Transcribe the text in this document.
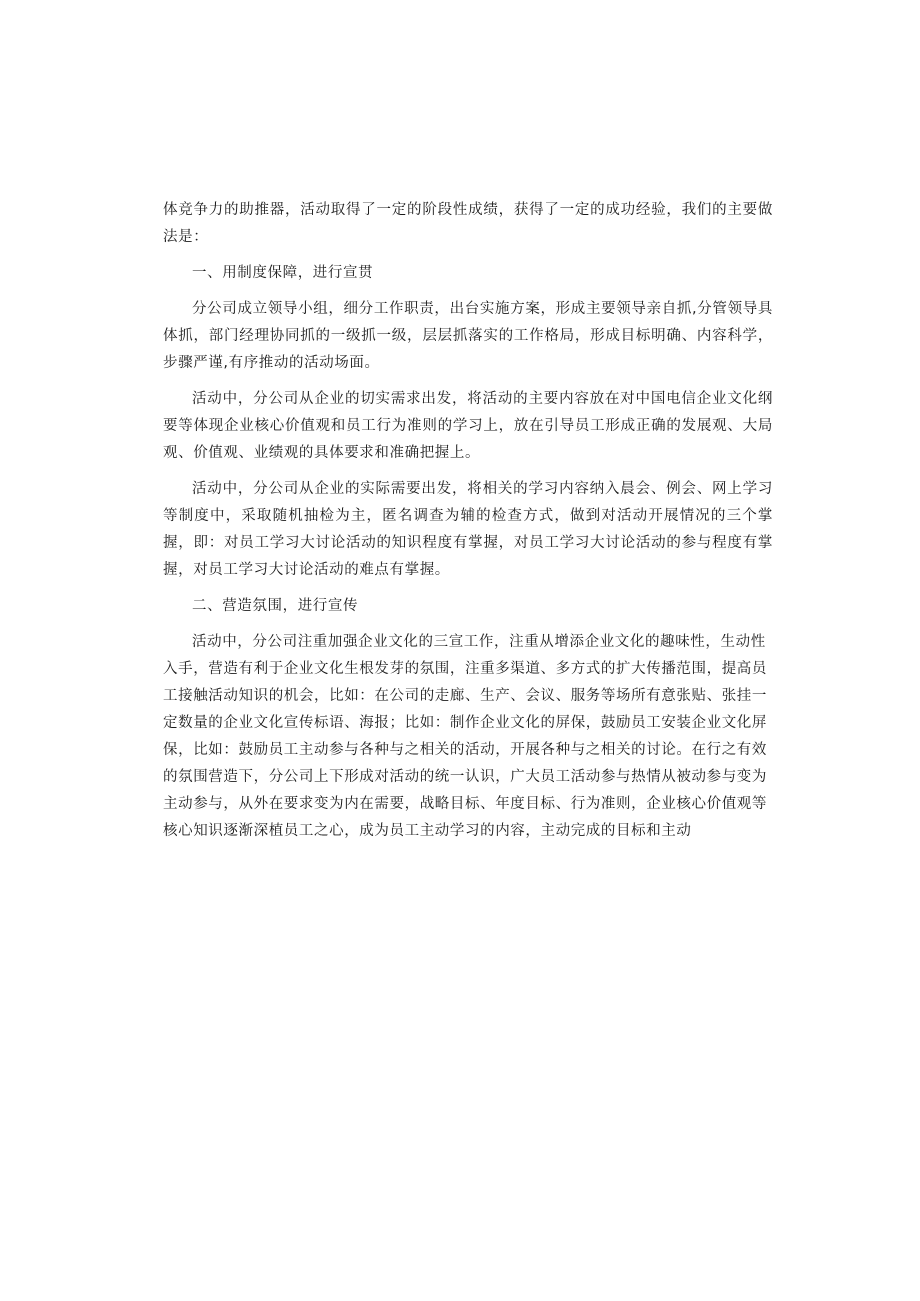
体竞争力的助推器，活动取得了一定的阶段性成绩，获得了一定的成功经验，我们的主要做法是：

一、用制度保障，进行宣贯

分公司成立领导小组，细分工作职责，出台实施方案，形成主要领导亲自抓,分管领导具体抓，部门经理协同抓的一级抓一级，层层抓落实的工作格局，形成目标明确、内容科学，步骤严谨,有序推动的活动场面。

活动中，分公司从企业的切实需求出发，将活动的主要内容放在对中国电信企业文化纲要等体现企业核心价值观和员工行为准则的学习上，放在引导员工形成正确的发展观、大局观、价值观、业绩观的具体要求和准确把握上。

活动中，分公司从企业的实际需要出发，将相关的学习内容纳入晨会、例会、网上学习等制度中，采取随机抽检为主，匿名调查为辅的检查方式，做到对活动开展情况的三个掌握，即：对员工学习大讨论活动的知识程度有掌握，对员工学习大讨论活动的参与程度有掌握，对员工学习大讨论活动的难点有掌握。

二、营造氛围，进行宣传

活动中，分公司注重加强企业文化的三宣工作，注重从增添企业文化的趣味性，生动性入手，营造有利于企业文化生根发芽的氛围，注重多渠道、多方式的扩大传播范围，提高员工接触活动知识的机会，比如：在公司的走廊、生产、会议、服务等场所有意张贴、张挂一定数量的企业文化宣传标语、海报；比如：制作企业文化的屏保，鼓励员工安装企业文化屏保，比如：鼓励员工主动参与各种与之相关的活动，开展各种与之相关的讨论。在行之有效的氛围营造下，分公司上下形成对活动的统一认识，广大员工活动参与热情从被动参与变为主动参与，从外在要求变为内在需要，战略目标、年度目标、行为准则，企业核心价值观等核心知识逐渐深植员工之心，成为员工主动学习的内容，主动完成的目标和主动
